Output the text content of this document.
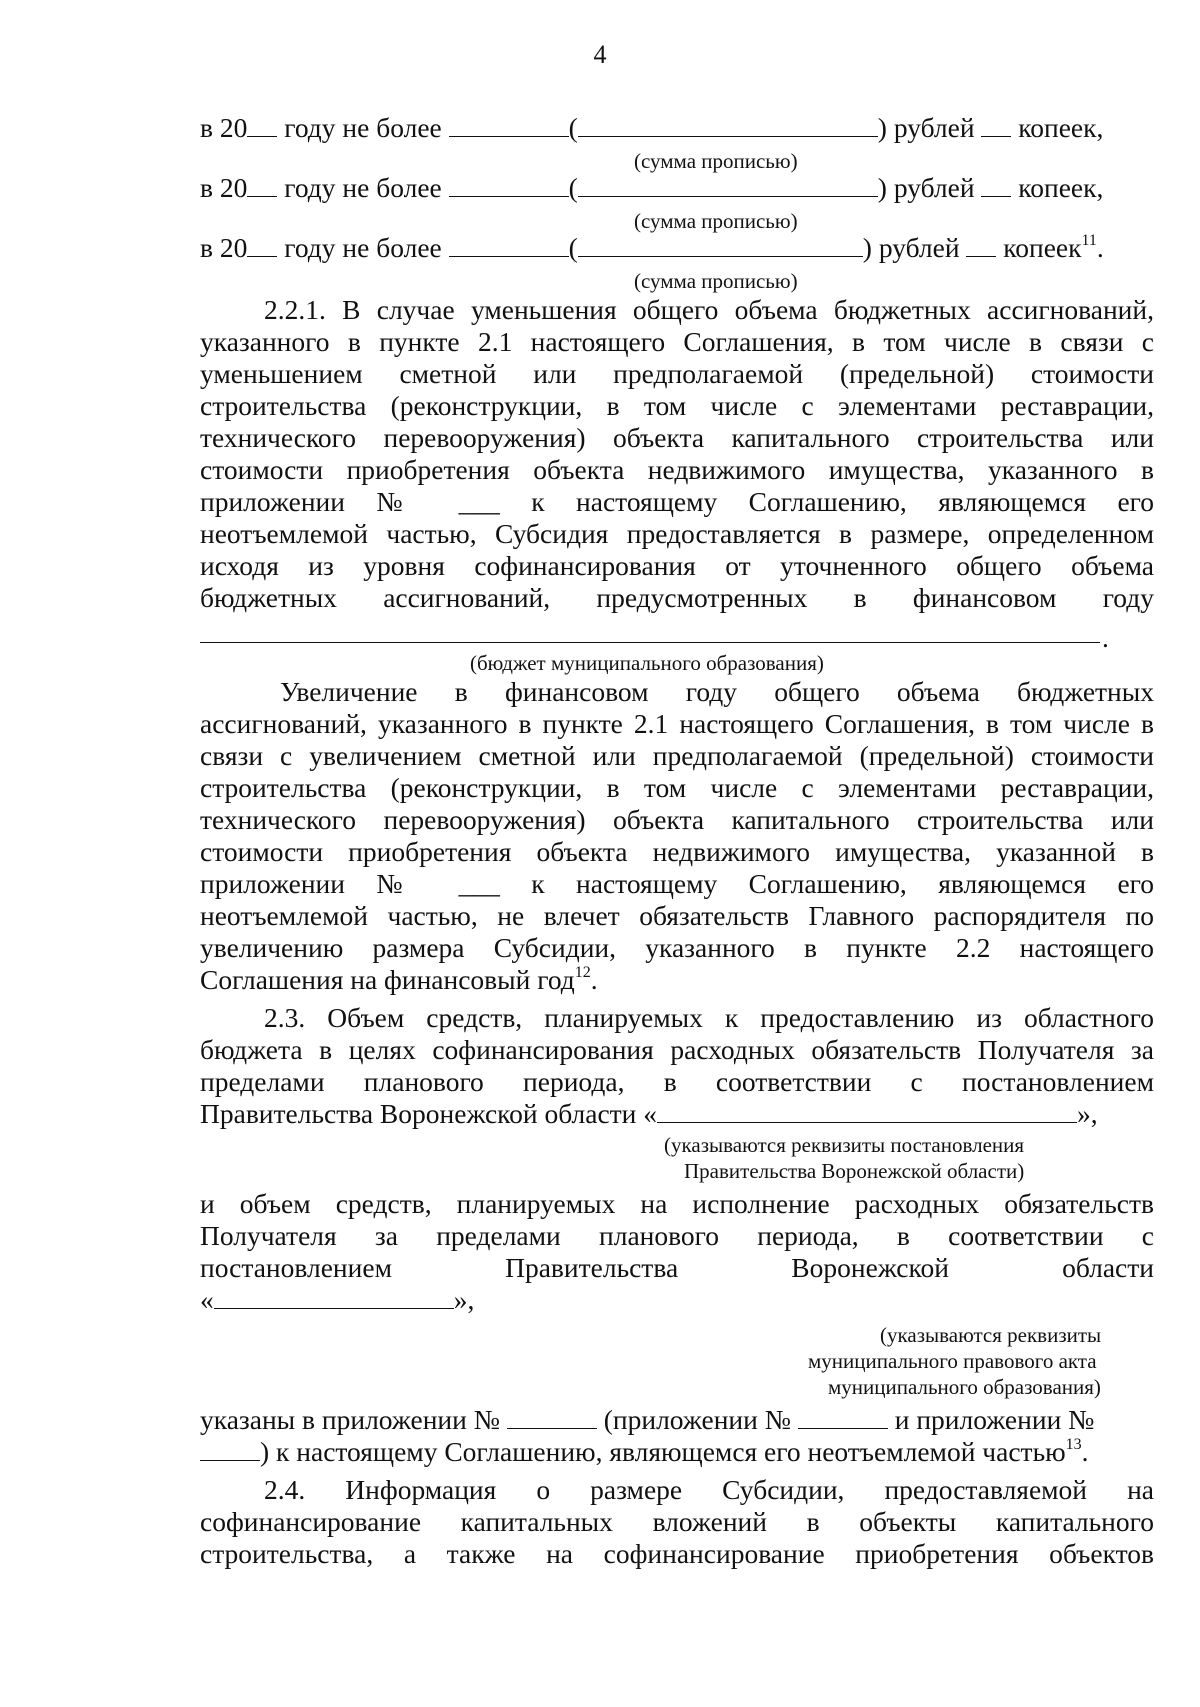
4
в 20 году не более	(	) рублей  копеек,
(сумма прописью)
в 20 году не более	(	) рублей  копеек,
(сумма прописью)
в 20 году не более	(	) рублей  копеек$^{11}$.
(сумма прописью)
2.2.1. В случае уменьшения общего объема бюджетных ассигнований,
указанного в пункте 2.1 настоящего Соглашения, в том числе в связи с
уменьшением сметной или предполагаемой (предельной) стоимости
строительства (реконструкции, в том числе с элементами реставрации,
технического перевооружения) объекта капитального строительства или
стоимости приобретения объекта недвижимого имущества, указанного в
приложении № ___ к настоящему Соглашению, являющемся его
неотъемлемой частью, Субсидия предоставляется в размере, определенном
исходя из уровня софинансирования от уточненного общего объема
бюджетных ассигнований, предусмотренных в финансовом году
.
(бюджет муниципального образования)
Увеличение в финансовом году общего объема бюджетных
ассигнований, указанного в пункте 2.1 настоящего Соглашения, в том числе в
связи с увеличением сметной или предполагаемой (предельной) стоимости
строительства (реконструкции, в том числе с элементами реставрации,
технического перевооружения) объекта капитального строительства или
стоимости приобретения объекта недвижимого имущества, указанной в
приложении № ___ к настоящему Соглашению, являющемся его
неотъемлемой частью, не влечет обязательств Главного распорядителя по
увеличению размера Субсидии, указанного в пункте 2.2 настоящего
Соглашения на финансовый год$^{12}$.
2.3. Объем средств, планируемых к предоставлению из областного
бюджета в целях софинансирования расходных обязательств Получателя за
пределами планового периода, в соответствии с постановлением
Правительства Воронежской области «	»,
(указываются реквизиты постановления
Правительства Воронежской области)
и объем средств, планируемых на исполнение расходных обязательств
Получателя за пределами планового периода, в соответствии с
постановлением Правительства Воронежской области
«	»,
(указываются реквизиты
муниципального правового акта
муниципального образования)
указаны в приложении №	(приложении №	и приложении №
) к настоящему Соглашению, являющемся его неотъемлемой частью$^{13}$.
2.4. Информация о размере Субсидии, предоставляемой на
софинансирование капитальных вложений в объекты капитального
строительства, а также на софинансирование приобретения объектов
